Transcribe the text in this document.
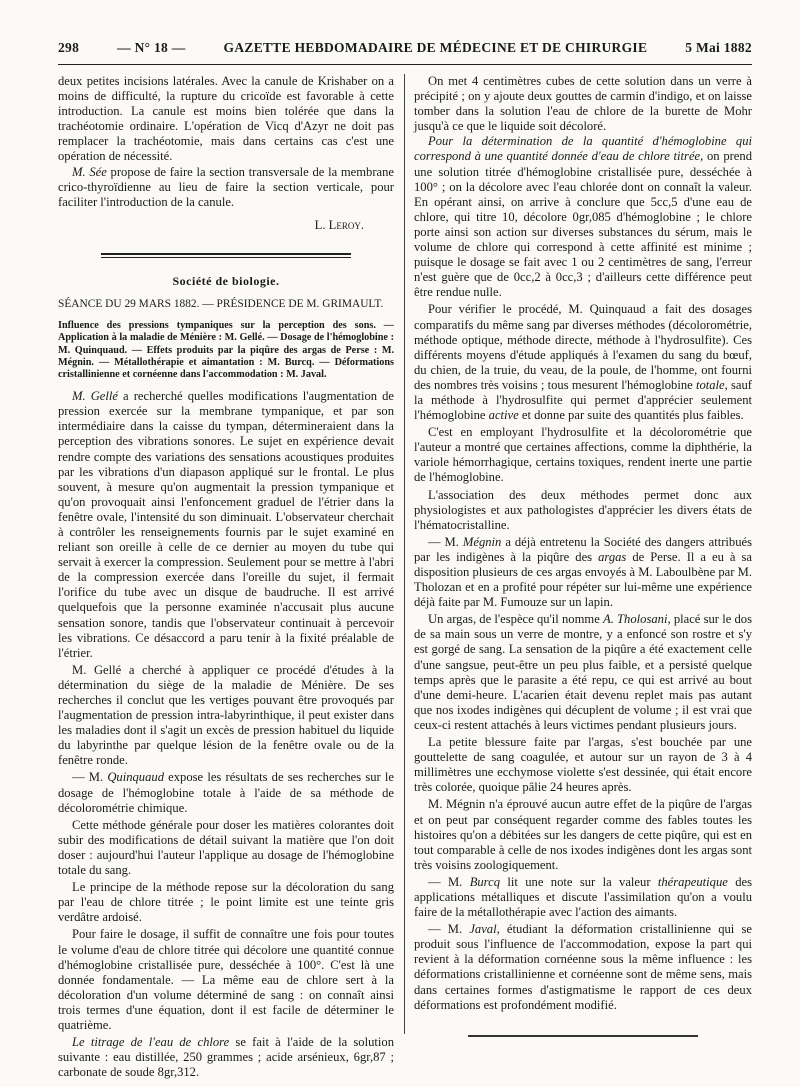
298	— N° 18 —	GAZETTE HEBDOMADAIRE DE MÉDECINE ET DE CHIRURGIE	5 Mai 1882

deux petites incisions latérales. Avec la canule de Krishaber on a moins de difficulté, la rupture du cricoïde est favorable à cette introduction. La canule est moins bien tolérée que dans la trachéotomie ordinaire. L'opération de Vicq d'Azyr ne doit pas remplacer la trachéotomie, mais dans certains cas c'est une opération de nécessité.

M. Sée propose de faire la section transversale de la membrane crico-thyroïdienne au lieu de faire la section verticale, pour faciliter l'introduction de la canule.

L. Leroy.

Société de biologie.

SÉANCE DU 29 MARS 1882. — PRÉSIDENCE DE M. GRIMAULT.

Influence des pressions tympaniques sur la perception des sons. — Application à la maladie de Ménière : M. Gellé. — Dosage de l'hémoglobine : M. Quinquaud. — Effets produits par la piqûre des argas de Perse : M. Mégnin. — Métallothérapie et aimantation : M. Burcq. — Déformations cristallinienne et cornéenne dans l'accommodation : M. Javal.

M. Gellé a recherché quelles modifications l'augmentation de pression exercée sur la membrane tympanique, et par son intermédiaire dans la caisse du tympan, détermineraient dans la perception des vibrations sonores. Le sujet en expérience devait rendre compte des variations des sensations acoustiques produites par les vibrations d'un diapason appliqué sur le frontal. Le plus souvent, à mesure qu'on augmentait la pression tympanique et qu'on provoquait ainsi l'enfoncement graduel de l'étrier dans la fenêtre ovale, l'intensité du son diminuait. L'observateur cherchait à contrôler les renseignements fournis par le sujet examiné en reliant son oreille à celle de ce dernier au moyen du tube qui servait à exercer la compression. Seulement pour se mettre à l'abri de la compression exercée dans l'oreille du sujet, il fermait l'orifice du tube avec un disque de baudruche. Il est arrivé quelquefois que la personne examinée n'accusait plus aucune sensation sonore, tandis que l'observateur continuait à percevoir les vibrations. Ce désaccord a paru tenir à la fixité préalable de l'étrier.

M. Gellé a cherché à appliquer ce procédé d'études à la détermination du siège de la maladie de Ménière. De ses recherches il conclut que les vertiges pouvant être provoqués par l'augmentation de pression intra-labyrinthique, il peut exister dans les maladies dont il s'agit un excès de pression habituel du liquide du labyrinthe par quelque lésion de la fenêtre ovale ou de la fenêtre ronde.

— M. Quinquaud expose les résultats de ses recherches sur le dosage de l'hémoglobine totale à l'aide de sa méthode de décolorométrie chimique.

Cette méthode générale pour doser les matières colorantes doit subir des modifications de détail suivant la matière que l'on doit doser : aujourd'hui l'auteur l'applique au dosage de l'hémoglobine totale du sang.

Le principe de la méthode repose sur la décoloration du sang par l'eau de chlore titrée ; le point limite est une teinte gris verdâtre ardoisé.

Pour faire le dosage, il suffit de connaître une fois pour toutes le volume d'eau de chlore titrée qui décolore une quantité connue d'hémoglobine cristallisée pure, desséchée à 100°. C'est là une donnée fondamentale. — La même eau de chlore sert à la décoloration d'un volume déterminé de sang : on connaît ainsi trois termes d'une équation, dont il est facile de déterminer le quatrième.

Le titrage de l'eau de chlore se fait à l'aide de la solution suivante : eau distillée, 250 grammes ; acide arsénieux, 6gr,87 ; carbonate de soude 8gr,312.

On met 4 centimètres cubes de cette solution dans un verre à précipité ; on y ajoute deux gouttes de carmin d'indigo, et on laisse tomber dans la solution l'eau de chlore de la burette de Mohr jusqu'à ce que le liquide soit décoloré.

Pour la détermination de la quantité d'hémoglobine qui correspond à une quantité donnée d'eau de chlore titrée, on prend une solution titrée d'hémoglobine cristallisée pure, desséchée à 100° ; on la décolore avec l'eau chlorée dont on connaît la valeur. En opérant ainsi, on arrive à conclure que 5cc,5 d'une eau de chlore, qui titre 10, décolore 0gr,085 d'hémoglobine ; le chlore porte ainsi son action sur diverses substances du sérum, mais le volume de chlore qui correspond à cette affinité est minime ; puisque le dosage se fait avec 1 ou 2 centimètres de sang, l'erreur n'est guère que de 0cc,2 à 0cc,3 ; d'ailleurs cette différence peut être rendue nulle.

Pour vérifier le procédé, M. Quinquaud a fait des dosages comparatifs du même sang par diverses méthodes (décolorométrie, méthode optique, méthode directe, méthode à l'hydrosulfite). Ces différents moyens d'étude appliqués à l'examen du sang du bœuf, du chien, de la truie, du veau, de la poule, de l'homme, ont fourni des nombres très voisins ; tous mesurent l'hémoglobine totale, sauf la méthode à l'hydrosulfite qui permet d'apprécier seulement l'hémoglobine active et donne par suite des quantités plus faibles.

C'est en employant l'hydrosulfite et la décolorométrie que l'auteur a montré que certaines affections, comme la diphthérie, la variole hémorrhagique, certains toxiques, rendent inerte une partie de l'hémoglobine.

L'association des deux méthodes permet donc aux physiologistes et aux pathologistes d'apprécier les divers états de l'hématocristalline.

— M. Mégnin a déjà entretenu la Société des dangers attribués par les indigènes à la piqûre des argas de Perse. Il a eu à sa disposition plusieurs de ces argas envoyés à M. Laboulbène par M. Tholozan et en a profité pour répéter sur lui-même une expérience déjà faite par M. Fumouze sur un lapin.

Un argas, de l'espèce qu'il nomme A. Tholosani, placé sur le dos de sa main sous un verre de montre, y a enfoncé son rostre et s'y est gorgé de sang. La sensation de la piqûre a été exactement celle d'une sangsue, peut-être un peu plus faible, et a persisté quelque temps après que le parasite a été repu, ce qui est arrivé au bout d'une demi-heure. L'acarien était devenu replet mais pas autant que nos ixodes indigènes qui décuplent de volume ; il est vrai que ceux-ci restent attachés à leurs victimes pendant plusieurs jours.

La petite blessure faite par l'argas, s'est bouchée par une gouttelette de sang coagulée, et autour sur un rayon de 3 à 4 millimètres une ecchymose violette s'est dessinée, qui était encore très colorée, quoique pâlie 24 heures après.

M. Mégnin n'a éprouvé aucun autre effet de la piqûre de l'argas et on peut par conséquent regarder comme des fables toutes les histoires qu'on a débitées sur les dangers de cette piqûre, qui est en tout comparable à celle de nos ixodes indigènes dont les argas sont très voisins zoologiquement.

— M. Burcq lit une note sur la valeur thérapeutique des applications métalliques et discute l'assimilation qu'on a voulu faire de la métallothérapie avec l'action des aimants.

— M. Javal, étudiant la déformation cristallinienne qui se produit sous l'influence de l'accommodation, expose la part qui revient à la déformation cornéenne sous la même influence : les déformations cristallinienne et cornéenne sont de même sens, mais dans certaines formes d'astigmatisme le rapport de ces deux déformations est profondément modifié.
